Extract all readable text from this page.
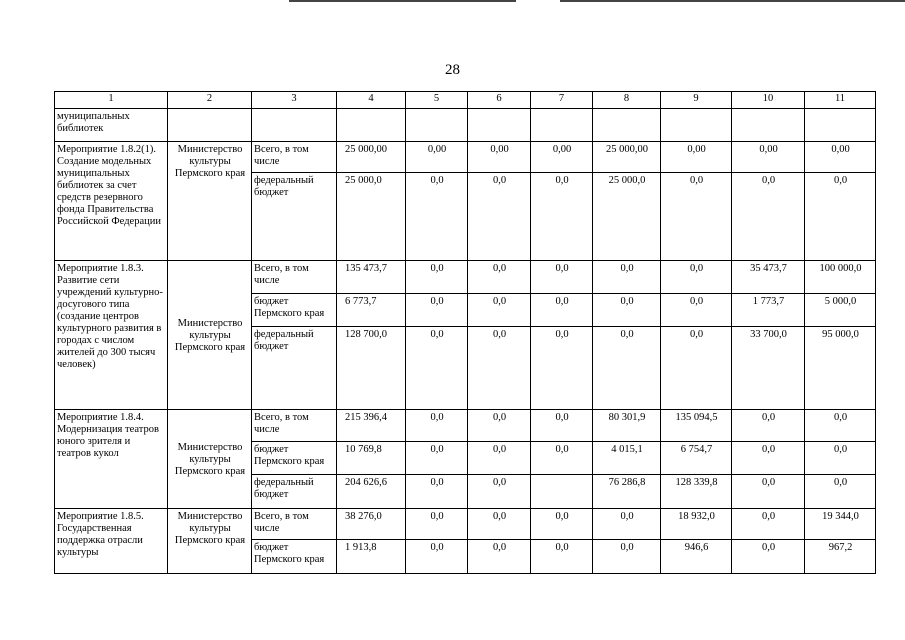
28
1	2	3	4	5	6	7	8	9	10	11
муниципальных библиотек										
Мероприятие 1.8.2(1). Создание модельных муниципальных библиотек за счет средств резервного фонда Правительства Российской Федерации	Министерство культуры Пермского края	Всего, в том числе	25 000,00	0,00	0,00	0,00	25 000,00	0,00	0,00	0,00
		федеральный бюджет	25 000,0	0,0	0,0	0,0	25 000,0	0,0	0,0	0,0
Мероприятие 1.8.3. Развитие сети учреждений культурно-досугового типа (создание центров культурного развития в городах с числом жителей до 300 тысяч человек)	Министерство культуры Пермского края	Всего, в том числе	135 473,7	0,0	0,0	0,0	0,0	0,0	35 473,7	100 000,0
		бюджет Пермского края	6 773,7	0,0	0,0	0,0	0,0	0,0	1 773,7	5 000,0
		федеральный бюджет	128 700,0	0,0	0,0	0,0	0,0	0,0	33 700,0	95 000,0
Мероприятие 1.8.4. Модернизация театров юного зрителя и театров кукол	Министерство культуры Пермского края	Всего, в том числе	215 396,4	0,0	0,0	0,0	80 301,9	135 094,5	0,0	0,0
		бюджет Пермского края	10 769,8	0,0	0,0	0,0	4 015,1	6 754,7	0,0	0,0
		федеральный бюджет	204 626,6	0,0	0,0		76 286,8	128 339,8	0,0	0,0
Мероприятие 1.8.5. Государственная поддержка отрасли культуры	Министерство культуры Пермского края	Всего, в том числе	38 276,0	0,0	0,0	0,0	0,0	18 932,0	0,0	19 344,0
		бюджет Пермского края	1 913,8	0,0	0,0	0,0	0,0	946,6	0,0	967,2
